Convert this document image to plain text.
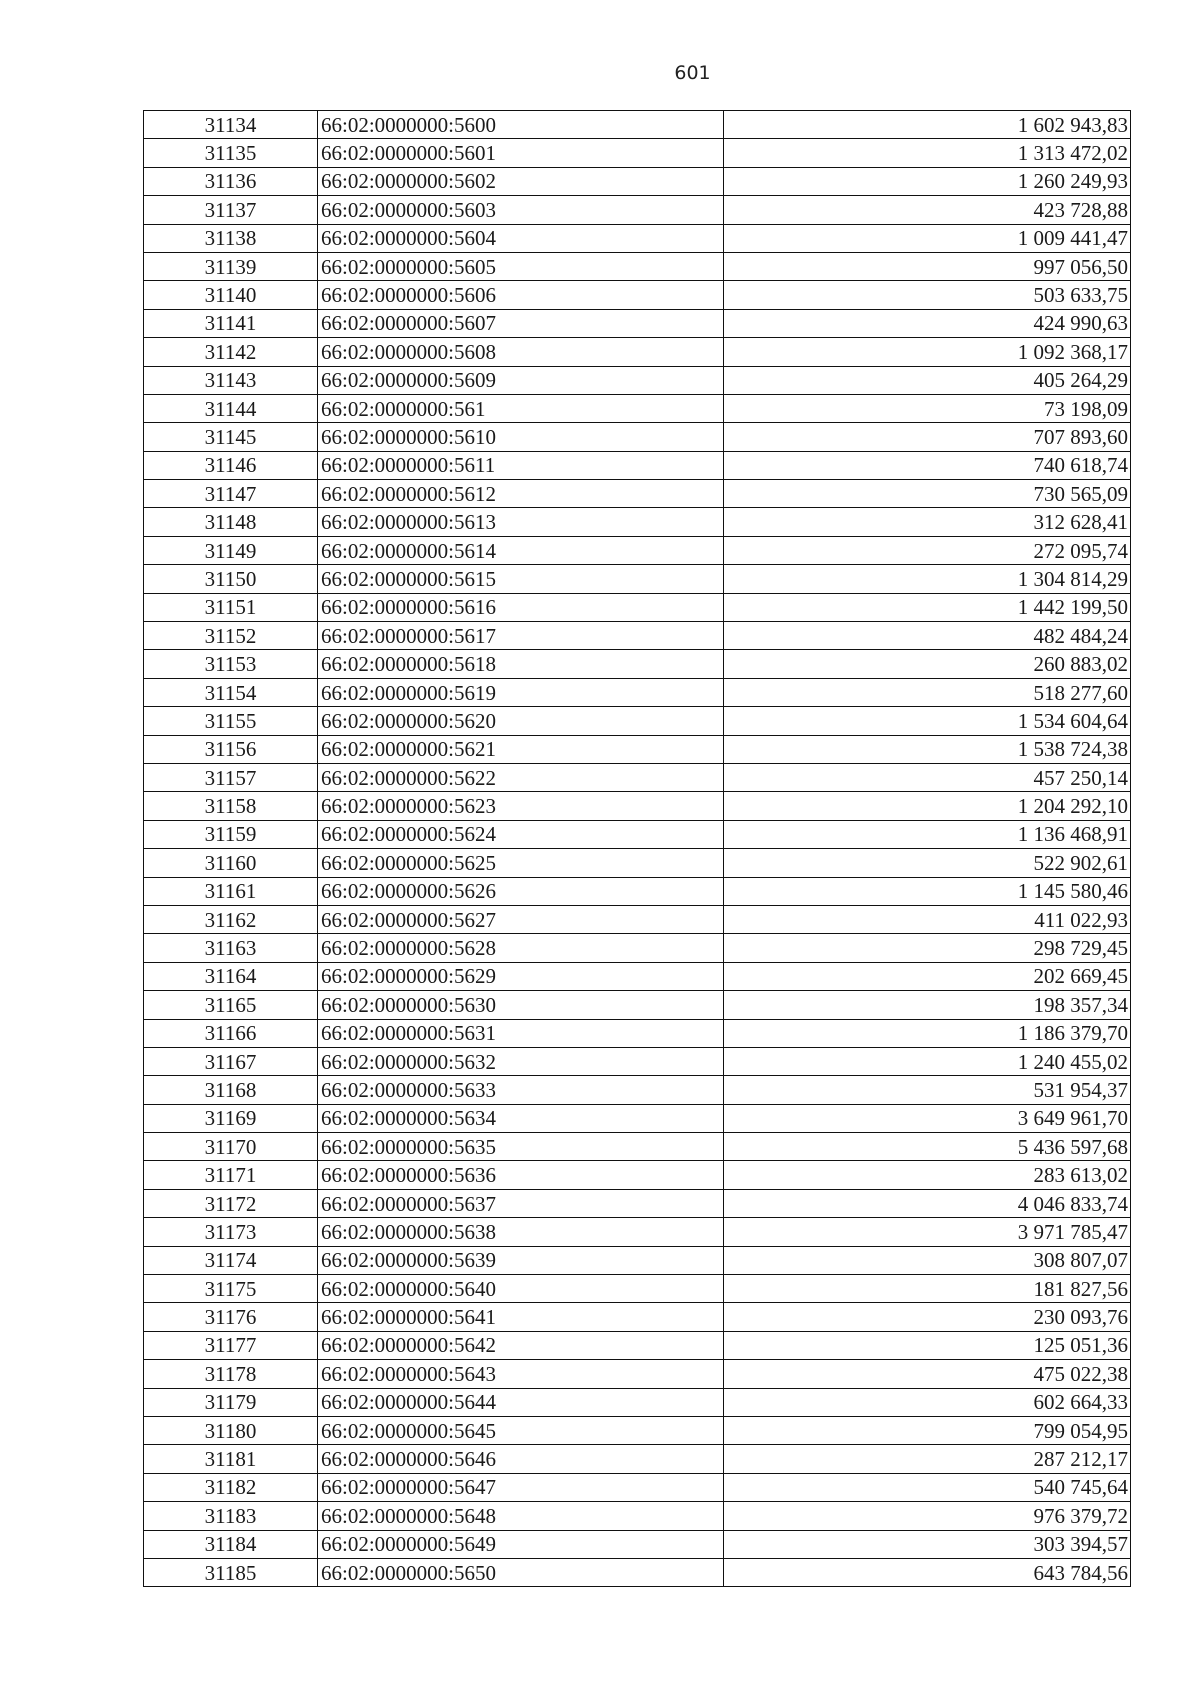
601
31134	66:02:0000000:5600	1 602 943,83
31135	66:02:0000000:5601	1 313 472,02
31136	66:02:0000000:5602	1 260 249,93
31137	66:02:0000000:5603	423 728,88
31138	66:02:0000000:5604	1 009 441,47
31139	66:02:0000000:5605	997 056,50
31140	66:02:0000000:5606	503 633,75
31141	66:02:0000000:5607	424 990,63
31142	66:02:0000000:5608	1 092 368,17
31143	66:02:0000000:5609	405 264,29
31144	66:02:0000000:561	73 198,09
31145	66:02:0000000:5610	707 893,60
31146	66:02:0000000:5611	740 618,74
31147	66:02:0000000:5612	730 565,09
31148	66:02:0000000:5613	312 628,41
31149	66:02:0000000:5614	272 095,74
31150	66:02:0000000:5615	1 304 814,29
31151	66:02:0000000:5616	1 442 199,50
31152	66:02:0000000:5617	482 484,24
31153	66:02:0000000:5618	260 883,02
31154	66:02:0000000:5619	518 277,60
31155	66:02:0000000:5620	1 534 604,64
31156	66:02:0000000:5621	1 538 724,38
31157	66:02:0000000:5622	457 250,14
31158	66:02:0000000:5623	1 204 292,10
31159	66:02:0000000:5624	1 136 468,91
31160	66:02:0000000:5625	522 902,61
31161	66:02:0000000:5626	1 145 580,46
31162	66:02:0000000:5627	411 022,93
31163	66:02:0000000:5628	298 729,45
31164	66:02:0000000:5629	202 669,45
31165	66:02:0000000:5630	198 357,34
31166	66:02:0000000:5631	1 186 379,70
31167	66:02:0000000:5632	1 240 455,02
31168	66:02:0000000:5633	531 954,37
31169	66:02:0000000:5634	3 649 961,70
31170	66:02:0000000:5635	5 436 597,68
31171	66:02:0000000:5636	283 613,02
31172	66:02:0000000:5637	4 046 833,74
31173	66:02:0000000:5638	3 971 785,47
31174	66:02:0000000:5639	308 807,07
31175	66:02:0000000:5640	181 827,56
31176	66:02:0000000:5641	230 093,76
31177	66:02:0000000:5642	125 051,36
31178	66:02:0000000:5643	475 022,38
31179	66:02:0000000:5644	602 664,33
31180	66:02:0000000:5645	799 054,95
31181	66:02:0000000:5646	287 212,17
31182	66:02:0000000:5647	540 745,64
31183	66:02:0000000:5648	976 379,72
31184	66:02:0000000:5649	303 394,57
31185	66:02:0000000:5650	643 784,56
